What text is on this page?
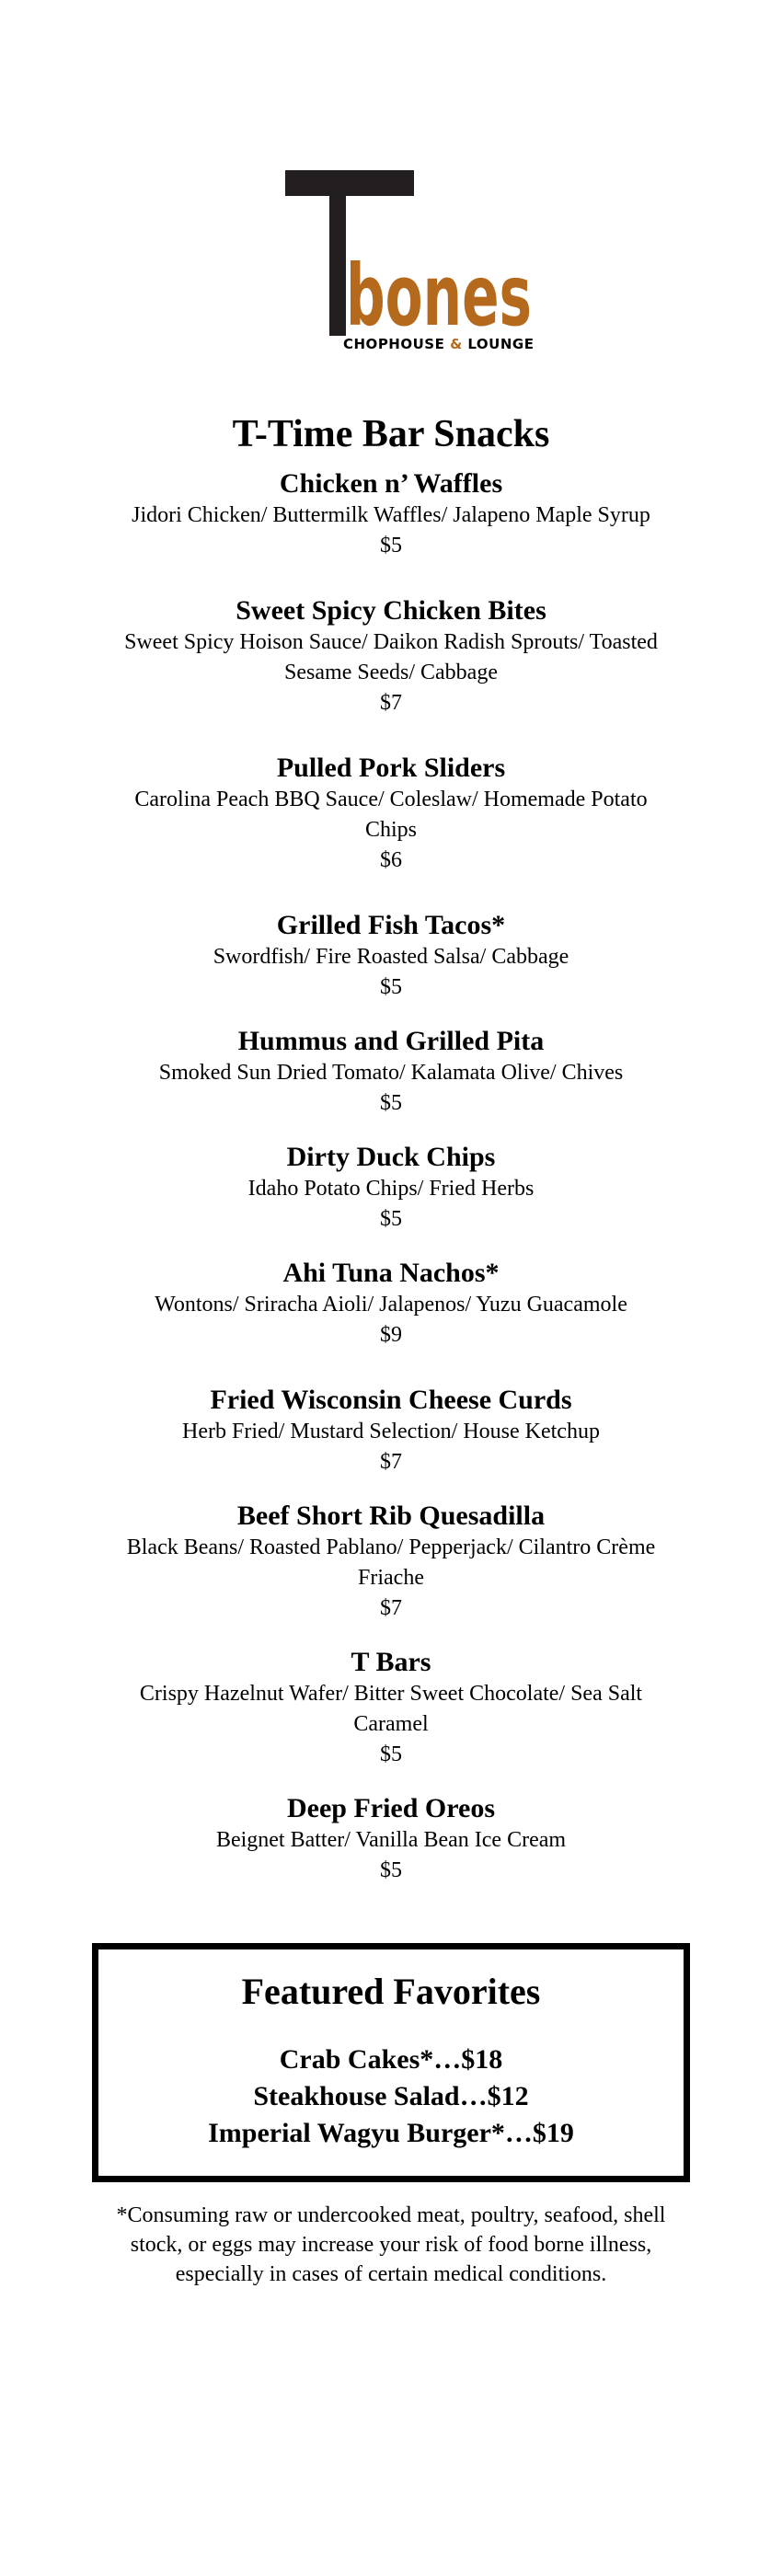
bones
CHOPHOUSE & LOUNGE
T-Time Bar Snacks
Chicken n’ Waffles
Jidori Chicken/ Buttermilk Waffles/ Jalapeno Maple Syrup
$5
Sweet Spicy Chicken Bites
Sweet Spicy Hoison Sauce/ Daikon Radish Sprouts/ Toasted Sesame Seeds/ Cabbage
$7
Pulled Pork Sliders
Carolina Peach BBQ Sauce/ Coleslaw/ Homemade Potato Chips
$6
Grilled Fish Tacos*
Swordfish/ Fire Roasted Salsa/ Cabbage
$5
Hummus and Grilled Pita
Smoked Sun Dried Tomato/ Kalamata Olive/ Chives
$5
Dirty Duck Chips
Idaho Potato Chips/ Fried Herbs
$5
Ahi Tuna Nachos*
Wontons/ Sriracha Aioli/ Jalapenos/ Yuzu Guacamole
$9
Fried Wisconsin Cheese Curds
Herb Fried/ Mustard Selection/ House Ketchup
$7
Beef Short Rib Quesadilla
Black Beans/ Roasted Pablano/ Pepperjack/ Cilantro Crème Friache
$7
T Bars
Crispy Hazelnut Wafer/ Bitter Sweet Chocolate/ Sea Salt Caramel
$5
Deep Fried Oreos
Beignet Batter/ Vanilla Bean Ice Cream
$5
Featured Favorites
Crab Cakes*…$18
Steakhouse Salad…$12
Imperial Wagyu Burger*…$19
*Consuming raw or undercooked meat, poultry, seafood, shell stock, or eggs may increase your risk of food borne illness, especially in cases of certain medical conditions.
